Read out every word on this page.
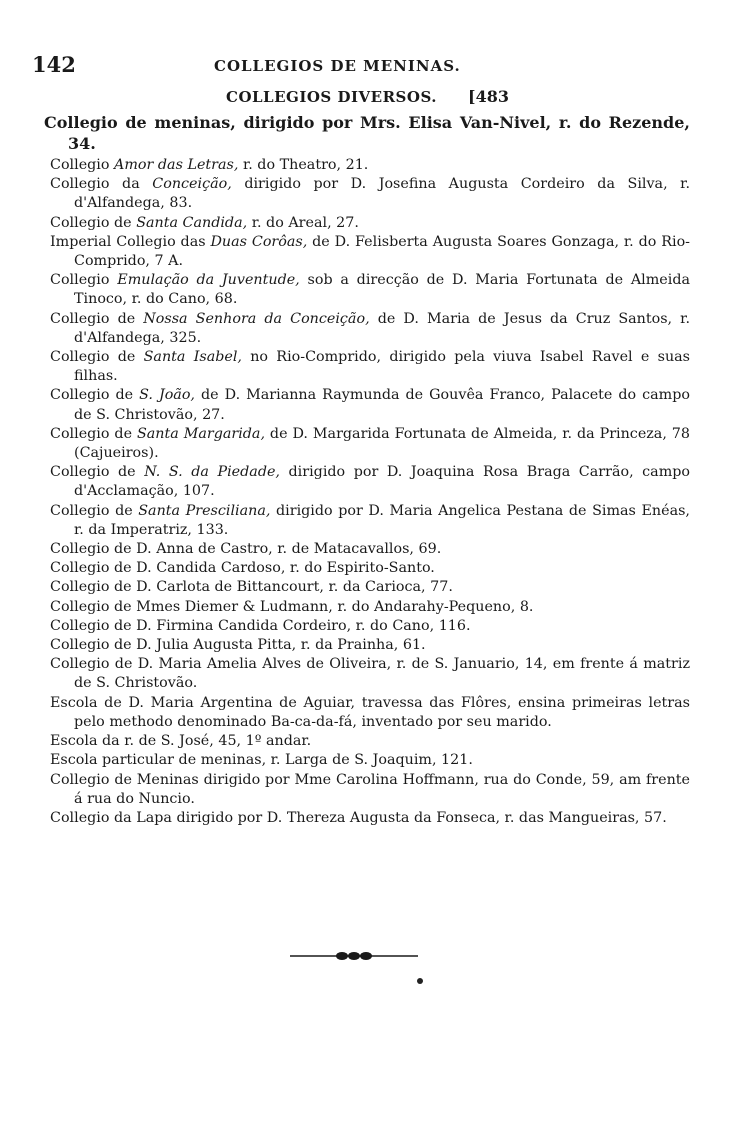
142	COLLEGIOS DE MENINAS.
COLLEGIOS DIVERSOS. [483

Collegio de meninas, dirigido por Mrs. Elisa Van-Nivel, r. do Rezende, 34.

Collegio Amor das Letras, r. do Theatro, 21.

Collegio da Conceição, dirigido por D. Josefina Augusta Cordeiro da Silva, r. d'Alfandega, 83.

Collegio de Santa Candida, r. do Areal, 27.

Imperial Collegio das Duas Corôas, de D. Felisberta Augusta Soares Gonzaga, r. do Rio-Comprido, 7 A.

Collegio Emulação da Juventude, sob a direcção de D. Maria Fortunata de Almeida Tinoco, r. do Cano, 68.

Collegio de Nossa Senhora da Conceição, de D. Maria de Jesus da Cruz Santos, r. d'Alfandega, 325.

Collegio de Santa Isabel, no Rio-Comprido, dirigido pela viuva Isabel Ravel e suas filhas.

Collegio de S. João, de D. Marianna Raymunda de Gouvêa Franco, Palacete do campo de S. Christovão, 27.

Collegio de Santa Margarida, de D. Margarida Fortunata de Almeida, r. da Princeza, 78 (Cajueiros).

Collegio de N. S. da Piedade, dirigido por D. Joaquina Rosa Braga Carrão, campo d'Acclamação, 107.

Collegio de Santa Presciliana, dirigido por D. Maria Angelica Pestana de Simas Enéas, r. da Imperatriz, 133.

Collegio de D. Anna de Castro, r. de Matacavallos, 69.

Collegio de D. Candida Cardoso, r. do Espirito-Santo.

Collegio de D. Carlota de Bittancourt, r. da Carioca, 77.

Collegio de Mmes Diemer & Ludmann, r. do Andarahy-Pequeno, 8.

Collegio de D. Firmina Candida Cordeiro, r. do Cano, 116.

Collegio de D. Julia Augusta Pitta, r. da Prainha, 61.

Collegio de D. Maria Amelia Alves de Oliveira, r. de S. Januario, 14, em frente á matriz de S. Christovão.

Escola de D. Maria Argentina de Aguiar, travessa das Flôres, ensina primeiras letras pelo methodo denominado Ba-ca-da-fá, inventado por seu marido.

Escola da r. de S. José, 45, 1º andar.

Escola particular de meninas, r. Larga de S. Joaquim, 121.

Collegio de Meninas dirigido por Mme Carolina Hoffmann, rua do Conde, 59, am frente á rua do Nuncio.

Collegio da Lapa dirigido por D. Thereza Augusta da Fonseca, r. das Mangueiras, 57.
